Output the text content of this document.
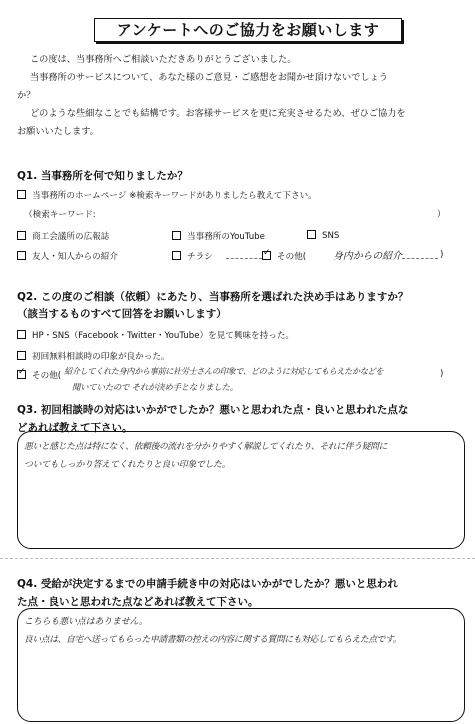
アンケートへのご協力をお願いします
この度は、当事務所へご相談いただきありがとうございました。
当事務所のサービスについて、あなた様のご意見・ご感想をお聞かせ頂けないでしょう
か？
どのような些細なことでも結構です。お客様サービスを更に充実させるため、ぜひご協力を
お願いいたします。
Q1. 当事務所を何で知りましたか？
当事務所のホームページ ※検索キーワードがありましたら教えて下さい。
（検索キーワード:	）
商工会議所の広報誌	当事務所のYouTube	SNS
友人・知人からの紹介	チラシ
✓	その他(	身内からの紹介	)
Q2. この度のご相談（依頼）にあたり、当事務所を選ばれた決め手はありますか？
（該当するものすべて回答をお願いします）
HP・SNS（Facebook・Twitter・YouTube）を見て興味を持った。
初回無料相談時の印象が良かった。
✓その他( 紹介してくれた身内から事前に社労士さんの印象で、どのように対応してもらえたかなどを	)
聞いていたので それが決め手となりました。
Q3. 初回相談時の対応はいかがでしたか？悪いと思われた点・良いと思われた点な
どあれば教えて下さい。
悪いと感じた点は特になく、依頼後の流れを分かりやすく解説してくれたり、それに伴う疑問に
ついてもしっかり答えてくれたりと良い印象でした。
Q4. 受給が決定するまでの申請手続き中の対応はいかがでしたか？悪いと思われ
た点・良いと思われた点などあれば教えて下さい。
こちらも悪い点はありません。
良い点は、自宅へ送ってもらった申請書類の控えの内容に関する質問にも対応してもらえた点です。
